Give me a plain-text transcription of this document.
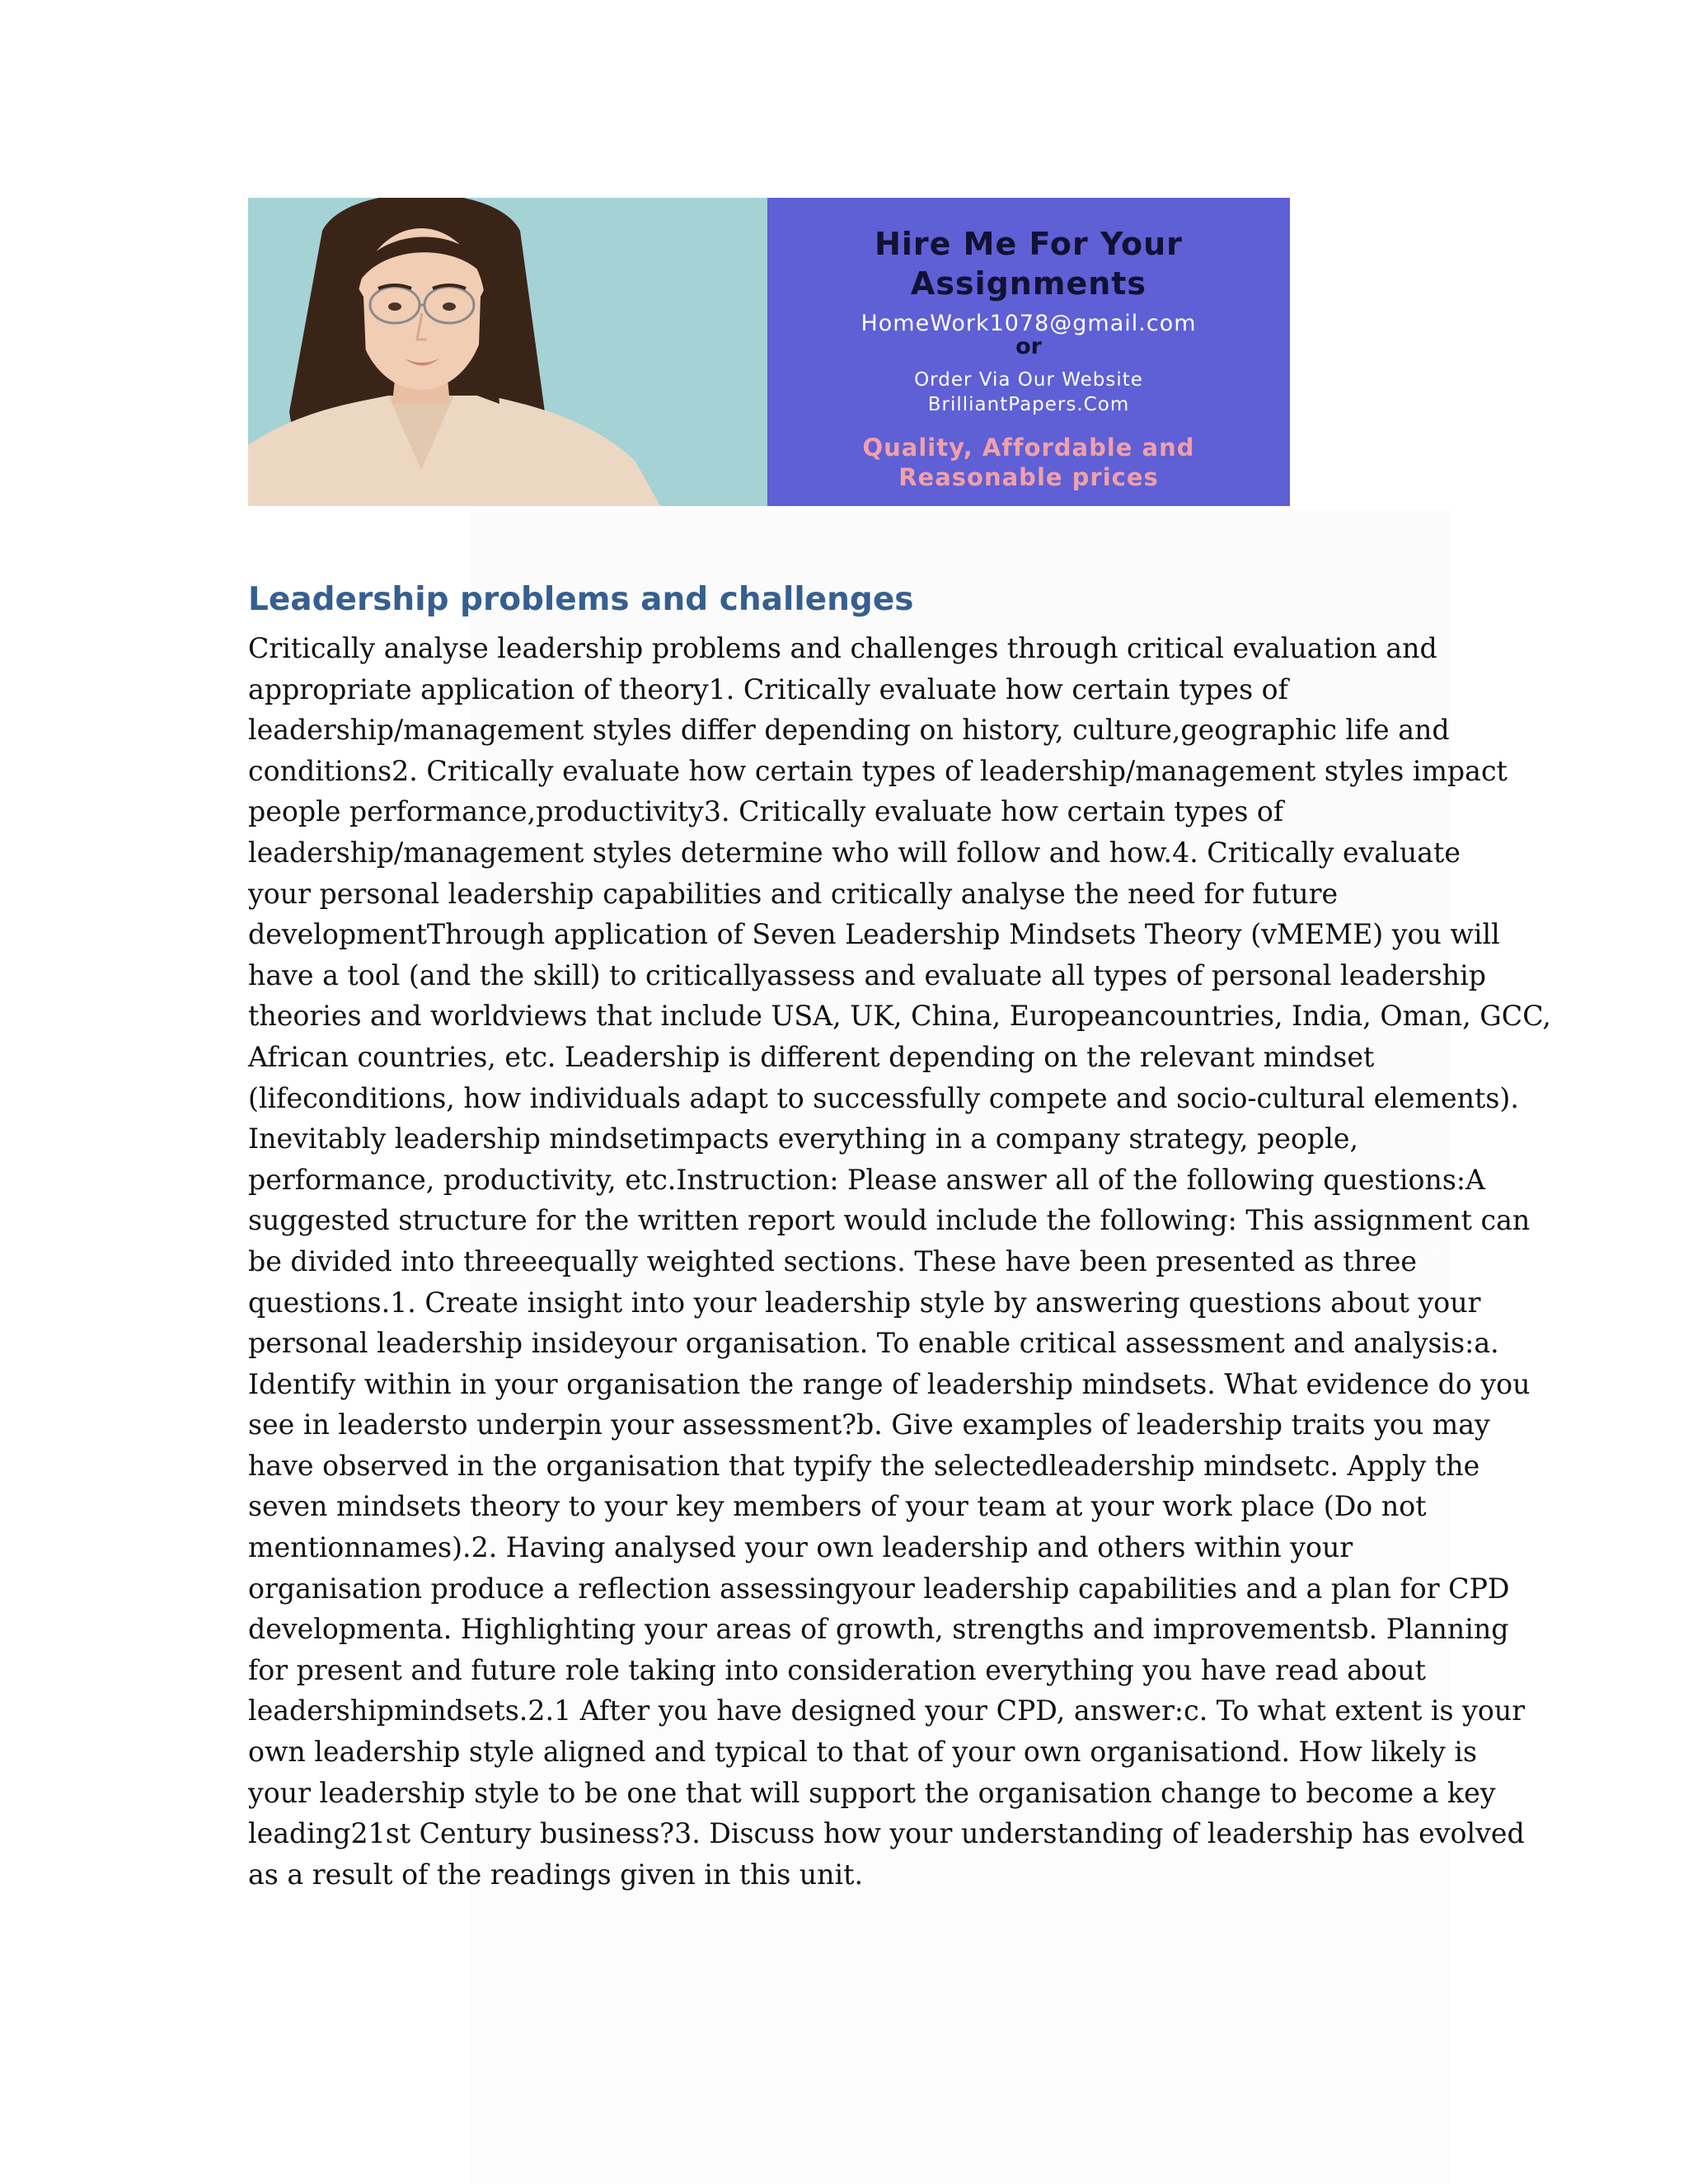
Hire Me For Your
Assignments
HomeWork1078@gmail.com
or
Order Via Our Website
BrilliantPapers.Com
Quality, Affordable and
Reasonable prices
Leadership problems and challenges

Critically analyse leadership problems and challenges through critical evaluation and
appropriate application of theory1. Critically evaluate how certain types of
leadership/management styles differ depending on history, culture,geographic life and
conditions2. Critically evaluate how certain types of leadership/management styles impact
people performance,productivity3. Critically evaluate how certain types of
leadership/management styles determine who will follow and how.4. Critically evaluate
your personal leadership capabilities and critically analyse the need for future
developmentThrough application of Seven Leadership Mindsets Theory (vMEME) you will
have a tool (and the skill) to criticallyassess and evaluate all types of personal leadership
theories and worldviews that include USA, UK, China, Europeancountries, India, Oman, GCC,
African countries, etc. Leadership is different depending on the relevant mindset
(lifeconditions, how individuals adapt to successfully compete and socio-cultural elements).
Inevitably leadership mindsetimpacts everything in a company strategy, people,
performance, productivity, etc.Instruction: Please answer all of the following questions:A
suggested structure for the written report would include the following: This assignment can
be divided into threeequally weighted sections. These have been presented as three
questions.1. Create insight into your leadership style by answering questions about your
personal leadership insideyour organisation. To enable critical assessment and analysis:a.
Identify within in your organisation the range of leadership mindsets. What evidence do you
see in leadersto underpin your assessment?b. Give examples of leadership traits you may
have observed in the organisation that typify the selectedleadership mindsetc. Apply the
seven mindsets theory to your key members of your team at your work place (Do not
mentionnames).2. Having analysed your own leadership and others within your
organisation produce a reflection assessingyour leadership capabilities and a plan for CPD
developmenta. Highlighting your areas of growth, strengths and improvementsb. Planning
for present and future role taking into consideration everything you have read about
leadershipmindsets.2.1 After you have designed your CPD, answer:c. To what extent is your
own leadership style aligned and typical to that of your own organisationd. How likely is
your leadership style to be one that will support the organisation change to become a key
leading21st Century business?3. Discuss how your understanding of leadership has evolved
as a result of the readings given in this unit.
